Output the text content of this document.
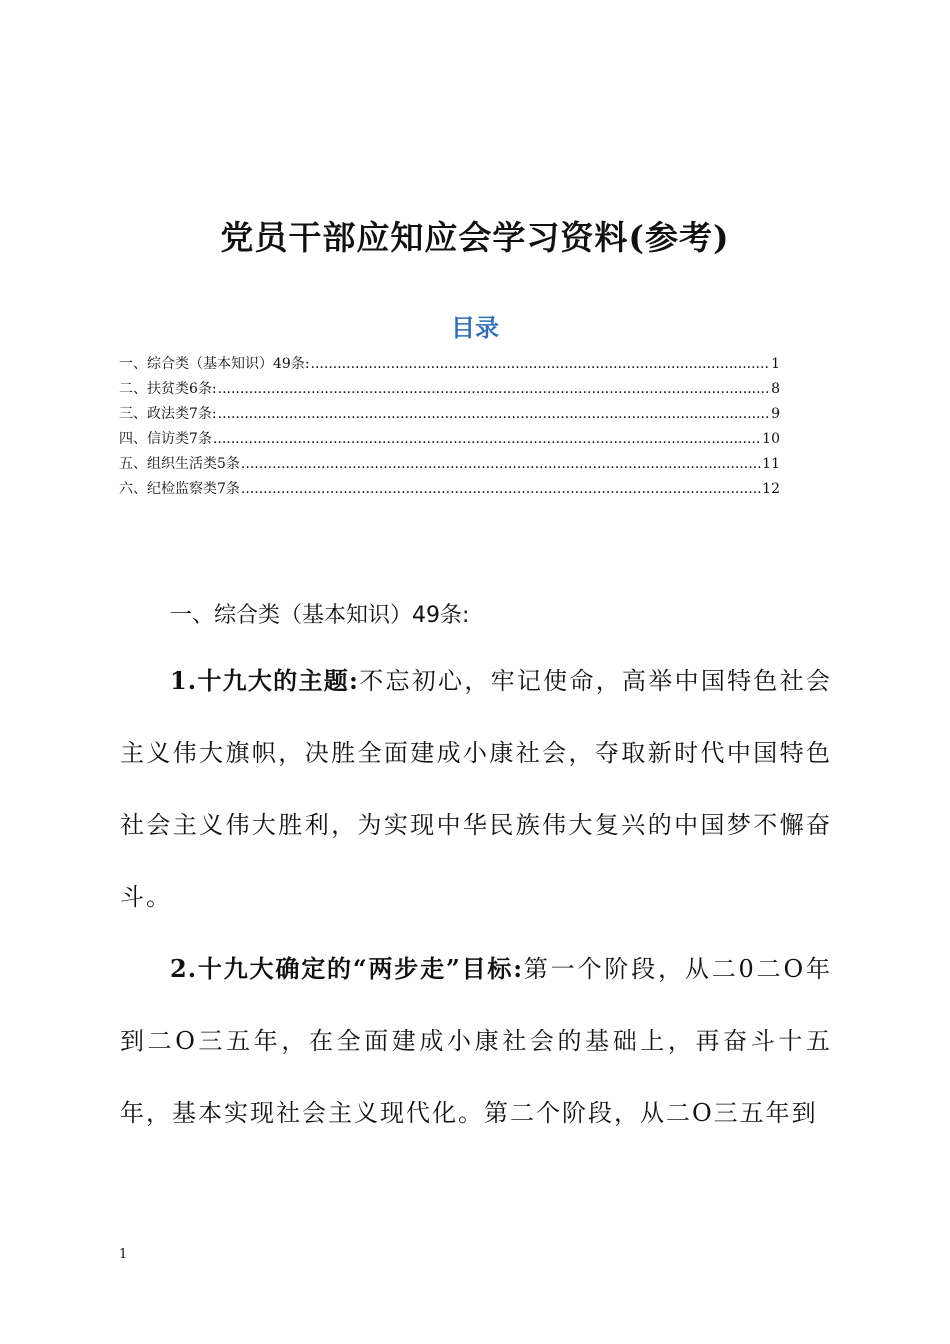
党员干部应知应会学习资料(参考)
目录
一、综合类（基本知识）49条: .....	1
二、扶贫类6条: .....	8
三、政法类7条: .....	9
四、信访类7条 .....	10
五、组织生活类5条 .....	11
六、纪检监察类7条 .....	12
一、综合类（基本知识）49条:

1.十九大的主题:不忘初心，牢记使命，高举中国特色社会主义伟大旗帜，决胜全面建成小康社会，夺取新时代中国特色社会主义伟大胜利，为实现中华民族伟大复兴的中国梦不懈奋斗。

2.十九大确定的“两步走”目标:第一个阶段，从二0二O年到二O三五年，在全面建成小康社会的基础上，再奋斗十五年，基本实现社会主义现代化。第二个阶段，从二O三五年到

1
